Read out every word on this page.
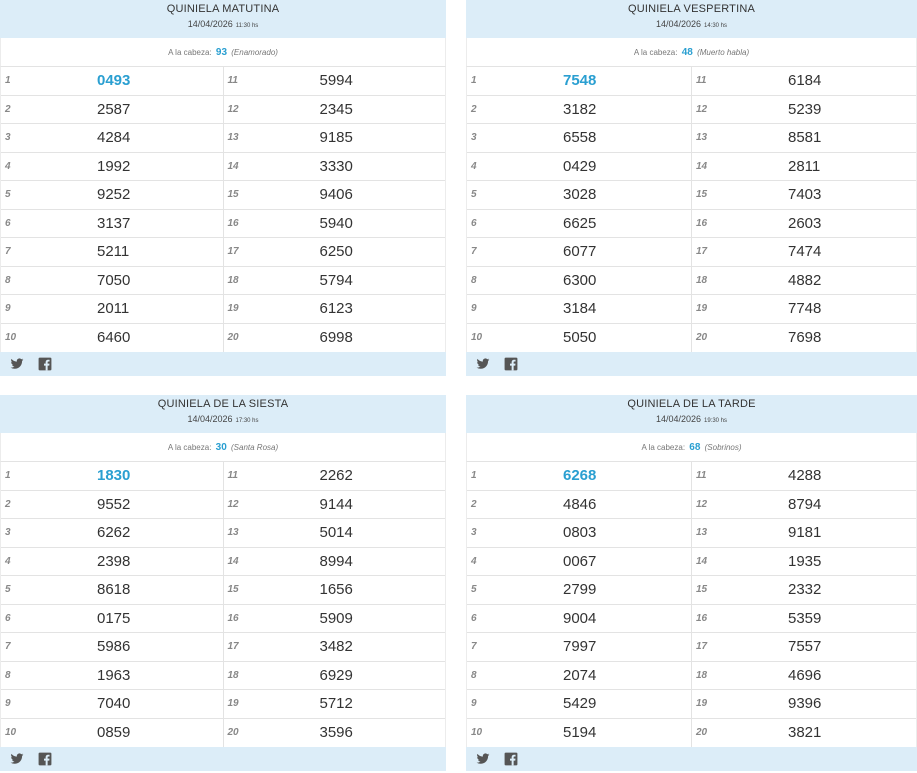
QUINIELA MATUTINA
14/04/2026 11:30 hs
A la cabeza: 93 (Enamorado)
1	0493	11	5994
2	2587	12	2345
3	4284	13	9185
4	1992	14	3330
5	9252	15	9406
6	3137	16	5940
7	5211	17	6250
8	7050	18	5794
9	2011	19	6123
10	6460	20	6998
QUINIELA VESPERTINA
14/04/2026 14:30 hs
A la cabeza: 48 (Muerto habla)
1	7548	11	6184
2	3182	12	5239
3	6558	13	8581
4	0429	14	2811
5	3028	15	7403
6	6625	16	2603
7	6077	17	7474
8	6300	18	4882
9	3184	19	7748
10	5050	20	7698
QUINIELA DE LA SIESTA
14/04/2026 17:30 hs
A la cabeza: 30 (Santa Rosa)
1	1830	11	2262
2	9552	12	9144
3	6262	13	5014
4	2398	14	8994
5	8618	15	1656
6	0175	16	5909
7	5986	17	3482
8	1963	18	6929
9	7040	19	5712
10	0859	20	3596
QUINIELA DE LA TARDE
14/04/2026 19:30 hs
A la cabeza: 68 (Sobrinos)
1	6268	11	4288
2	4846	12	8794
3	0803	13	9181
4	0067	14	1935
5	2799	15	2332
6	9004	16	5359
7	7997	17	7557
8	2074	18	4696
9	5429	19	9396
10	5194	20	3821
